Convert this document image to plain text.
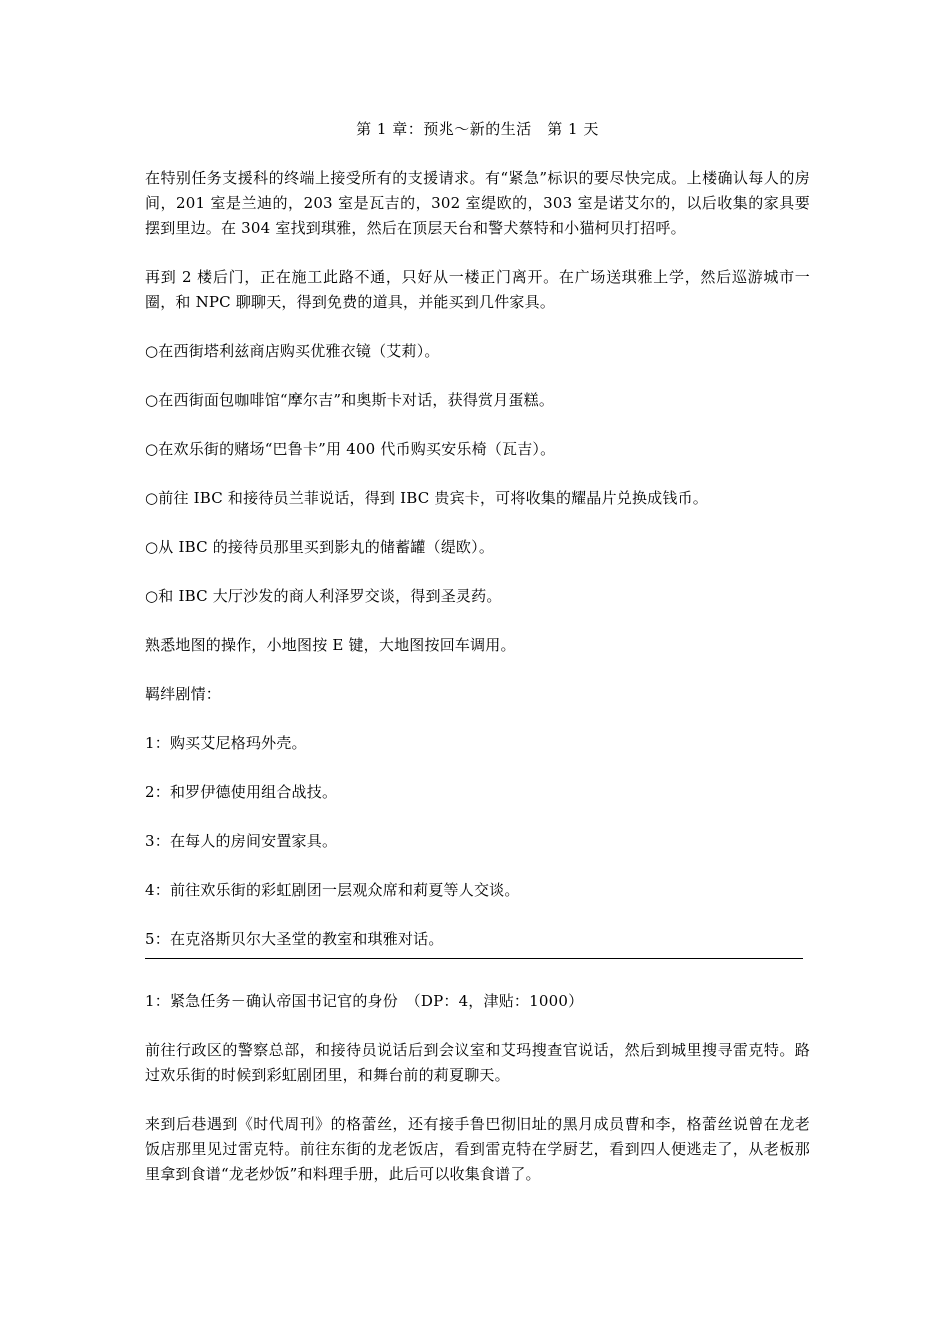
第 1 章：预兆～新的生活　第 1 天

在特别任务支援科的终端上接受所有的支援请求。有“紧急”标识的要尽快完成。上楼确认每人的房间，201 室是兰迪的，203 室是瓦吉的，302 室缇欧的，303 室是诺艾尔的，以后收集的家具要摆到里边。在 304 室找到琪雅，然后在顶层天台和警犬蔡特和小猫柯贝打招呼。

再到 2 楼后门，正在施工此路不通，只好从一楼正门离开。在广场送琪雅上学，然后巡游城市一圈，和 NPC 聊聊天，得到免费的道具，并能买到几件家具。

○在西街塔利兹商店购买优雅衣镜（艾莉）。

○在西街面包咖啡馆“摩尔吉”和奥斯卡对话，获得赏月蛋糕。

○在欢乐街的赌场“巴鲁卡”用 400 代币购买安乐椅（瓦吉）。

○前往 IBC 和接待员兰菲说话，得到 IBC 贵宾卡，可将收集的耀晶片兑换成钱币。

○从 IBC 的接待员那里买到影丸的储蓄罐（缇欧）。

○和 IBC 大厅沙发的商人利泽罗交谈，得到圣灵药。

熟悉地图的操作，小地图按 E 键，大地图按回车调用。

羁绊剧情：

1：购买艾尼格玛外壳。

2：和罗伊德使用组合战技。

3：在每人的房间安置家具。

4：前往欢乐街的彩虹剧团一层观众席和莉夏等人交谈。

5：在克洛斯贝尔大圣堂的教室和琪雅对话。

1：紧急任务－确认帝国书记官的身份　（DP：4，津贴：1000）

前往行政区的警察总部，和接待员说话后到会议室和艾玛搜查官说话，然后到城里搜寻雷克特。路过欢乐街的时候到彩虹剧团里，和舞台前的莉夏聊天。

来到后巷遇到《时代周刊》的格蕾丝，还有接手鲁巴彻旧址的黑月成员曹和李，格蕾丝说曾在龙老饭店那里见过雷克特。前往东街的龙老饭店，看到雷克特在学厨艺，看到四人便逃走了，从老板那里拿到食谱“龙老炒饭”和料理手册，此后可以收集食谱了。
